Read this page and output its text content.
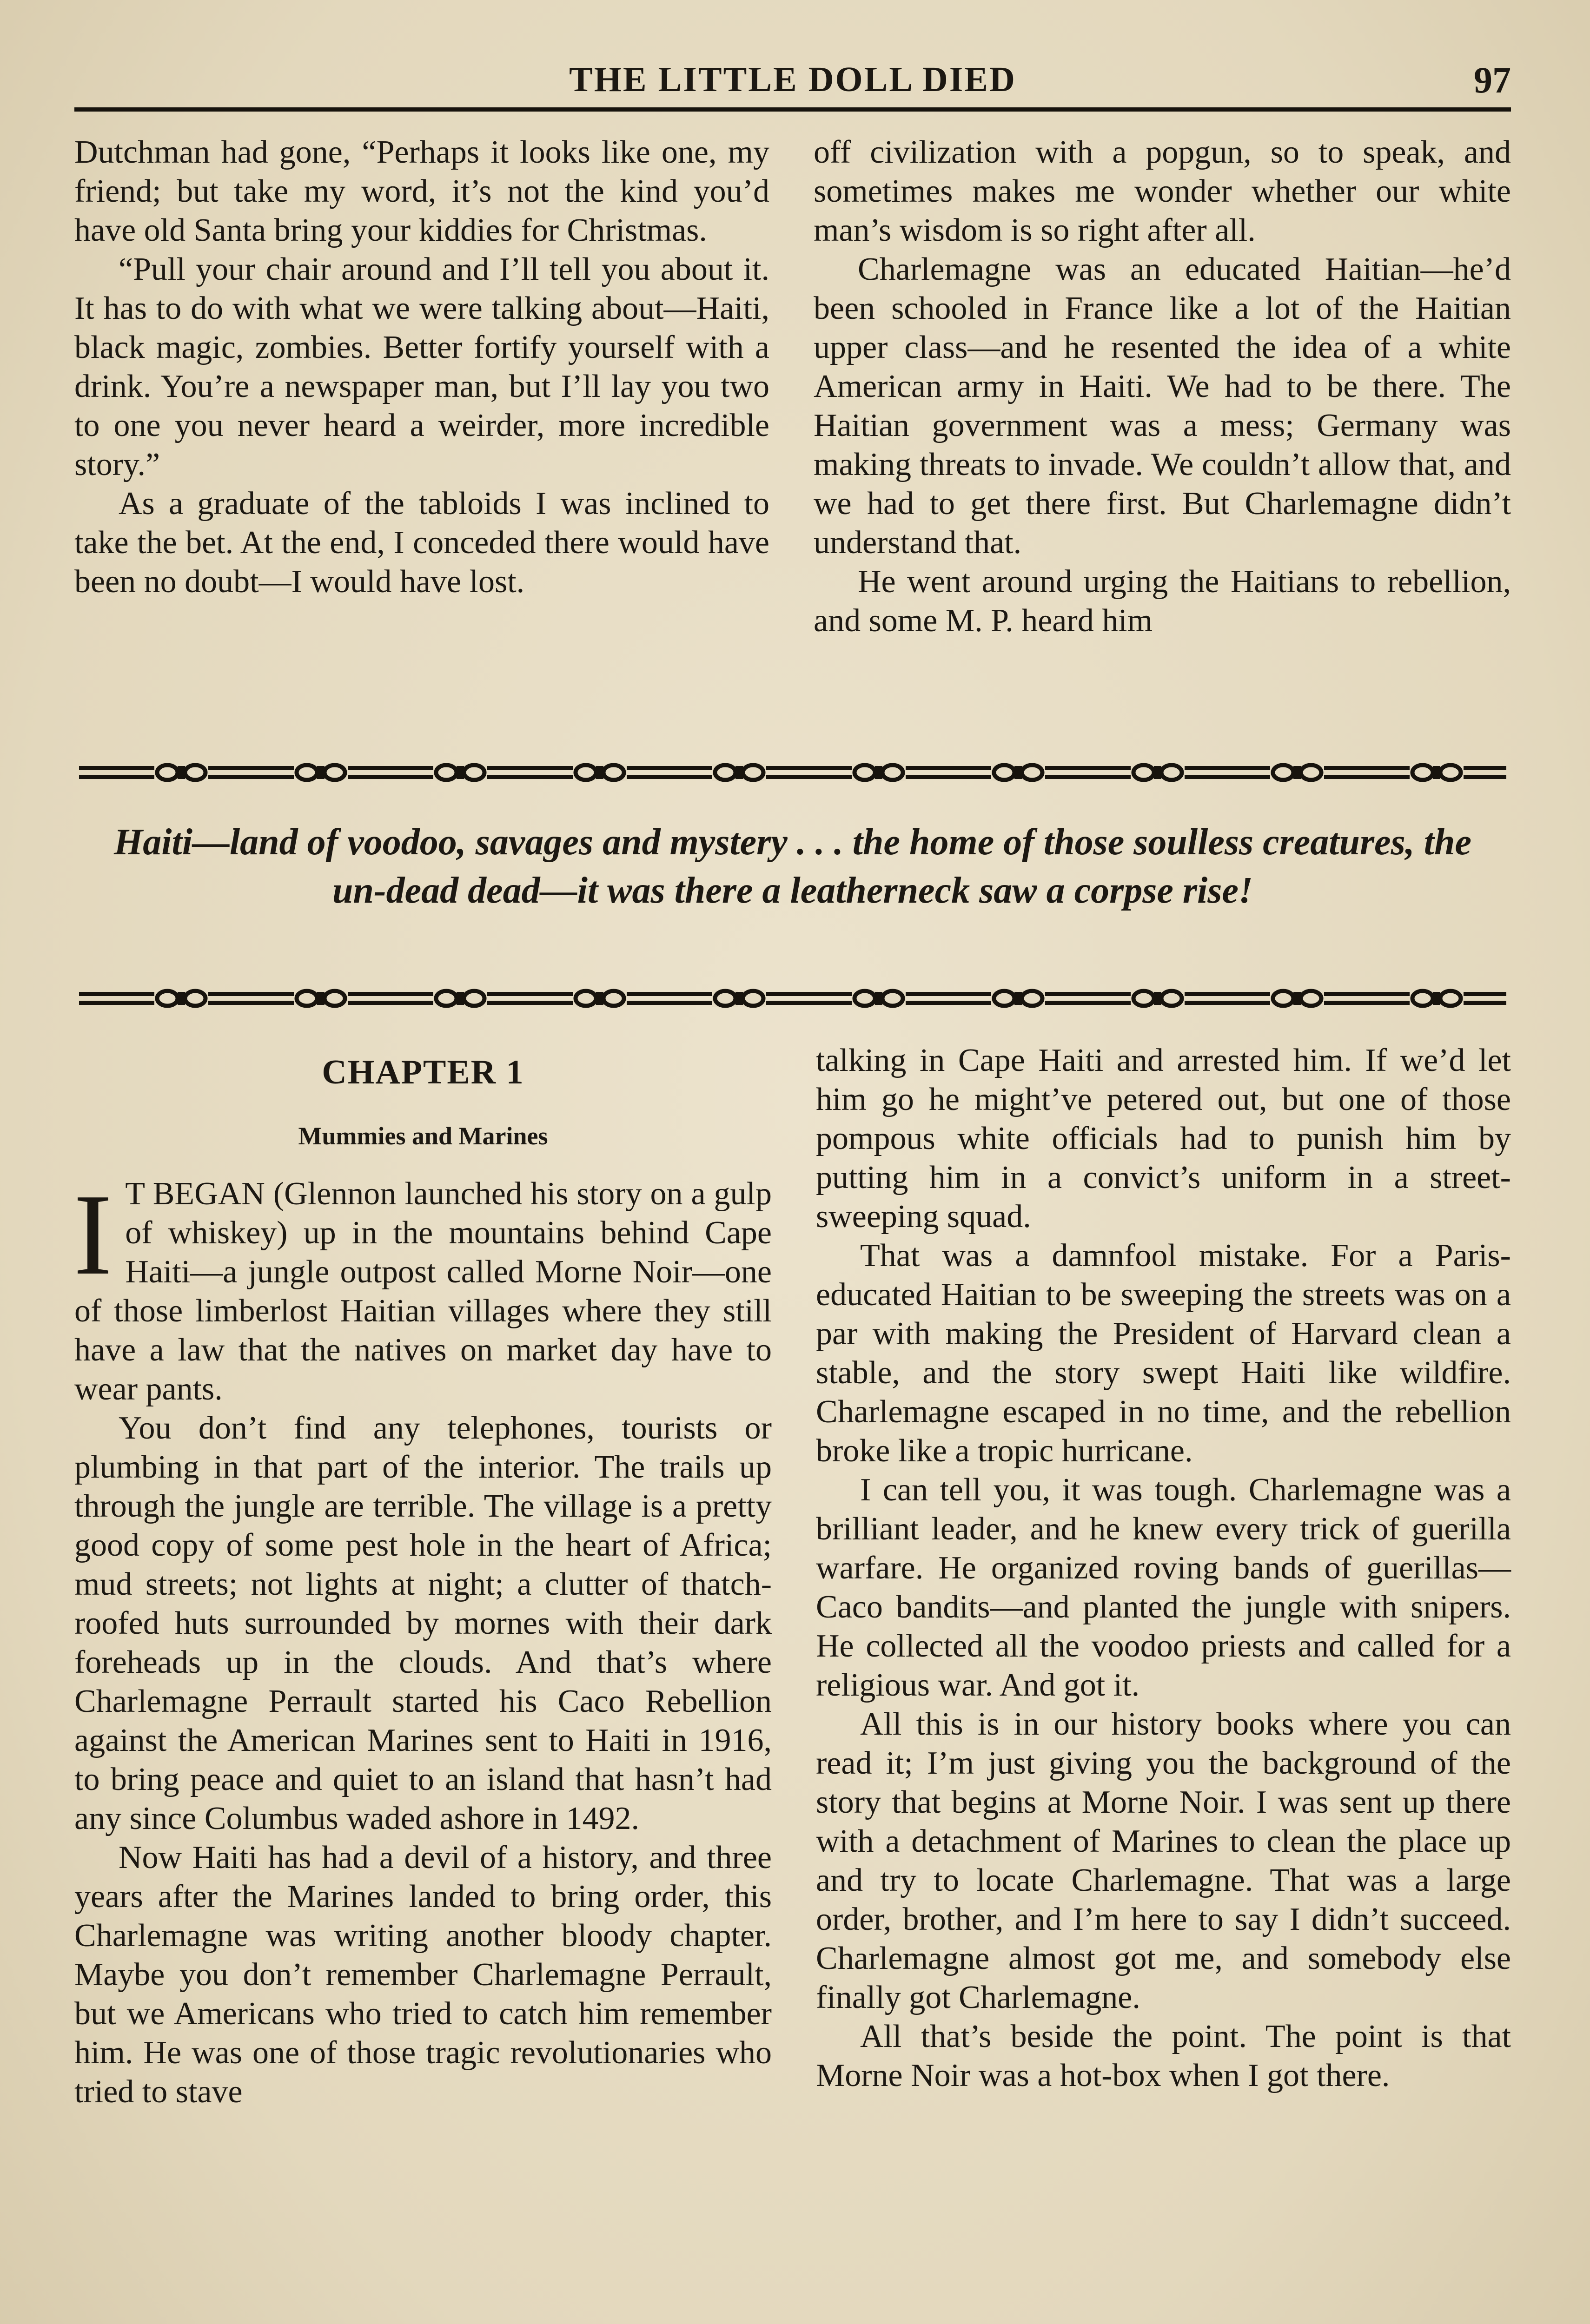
THE LITTLE DOLL DIED	97

Dutchman had gone, “Perhaps it looks like one, my friend; but take my word, it’s not the kind you’d have old Santa bring your kiddies for Christmas.

“Pull your chair around and I’ll tell you about it. It has to do with what we were talking about—Haiti, black magic, zombies. Better fortify yourself with a drink. You’re a newspaper man, but I’ll lay you two to one you never heard a weirder, more incredible story.”

As a graduate of the tabloids I was inclined to take the bet. At the end, I conceded there would have been no doubt—I would have lost.

off civilization with a popgun, so to speak, and sometimes makes me wonder whether our white man’s wisdom is so right after all.

Charlemagne was an educated Haitian—he’d been schooled in France like a lot of the Haitian upper class—and he resented the idea of a white American army in Haiti. We had to be there. The Haitian government was a mess; Germany was making threats to invade. We couldn’t allow that, and we had to get there first. But Charlemagne didn’t understand that.

He went around urging the Haitians to rebellion, and some M. P. heard him

Haiti—land of voodoo, savages and mystery . . . the home of those soulless creatures, the un-dead dead—it was there a leatherneck saw a corpse rise!
CHAPTER 1
Mummies and Marines

I T BEGAN (Glennon launched his story on a gulp of whiskey) up in the mountains behind Cape Haiti—a jungle outpost called Morne Noir—one of those limberlost Haitian villages where they still have a law that the natives on market day have to wear pants.

You don’t find any telephones, tourists or plumbing in that part of the interior. The trails up through the jungle are terrible. The village is a pretty good copy of some pest hole in the heart of Africa; mud streets; not lights at night; a clutter of thatch-roofed huts surrounded by mornes with their dark foreheads up in the clouds. And that’s where Charlemagne Perrault started his Caco Rebellion against the American Marines sent to Haiti in 1916, to bring peace and quiet to an island that hasn’t had any since Columbus waded ashore in 1492.

Now Haiti has had a devil of a history, and three years after the Marines landed to bring order, this Charlemagne was writing another bloody chapter. Maybe you don’t remember Charlemagne Perrault, but we Americans who tried to catch him remember him. He was one of those tragic revolutionaries who tried to stave

talking in Cape Haiti and arrested him. If we’d let him go he might’ve petered out, but one of those pompous white officials had to punish him by putting him in a convict’s uniform in a street-sweeping squad.

That was a damnfool mistake. For a Paris-educated Haitian to be sweeping the streets was on a par with making the President of Harvard clean a stable, and the story swept Haiti like wildfire. Charlemagne escaped in no time, and the rebellion broke like a tropic hurricane.

I can tell you, it was tough. Charlemagne was a brilliant leader, and he knew every trick of guerilla warfare. He organized roving bands of guerillas—Caco bandits—and planted the jungle with snipers. He collected all the voodoo priests and called for a religious war. And got it.

All this is in our history books where you can read it; I’m just giving you the background of the story that begins at Morne Noir. I was sent up there with a detachment of Marines to clean the place up and try to locate Charlemagne. That was a large order, brother, and I’m here to say I didn’t succeed. Charlemagne almost got me, and somebody else finally got Charlemagne.

All that’s beside the point. The point is that Morne Noir was a hot-box when I got there.
